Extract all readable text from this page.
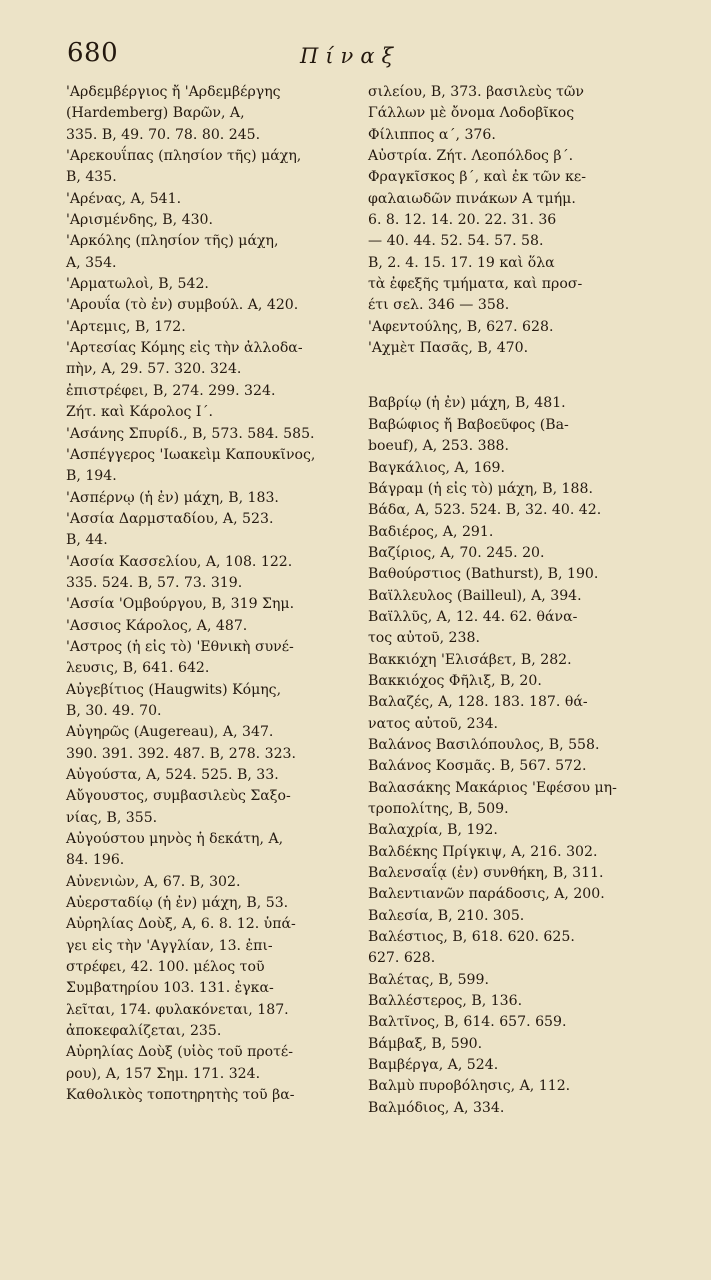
680	Πίναξ
'Αρδεμβέργιος ἤ 'Αρδεμβέργης
(Hardemberg) Βαρῶν, Α,
335. Β, 49. 70. 78. 80. 245.
'Αρεκουΐπας (πλησίον τῆς) μάχη,
Β, 435.
'Αρένας, Α, 541.
'Αρισμένδης, Β, 430.
'Αρκόλης (πλησίον τῆς) μάχη,
Α, 354.
'Αρματωλοὶ, Β, 542.
'Αρουΐα (τὸ ἐν) συμβούλ. Α, 420.
'Αρτεμις, Β, 172.
'Αρτεσίας Κόμης εἰς τὴν ἀλλοδα-
πὴν, Α, 29. 57. 320. 324.
ἐπιστρέφει, Β, 274. 299. 324.
Ζήτ. καὶ Κάρολος Ι΄.
'Ασάνης Σπυρίδ., Β, 573. 584. 585.
'Ασπέγγερος 'Ιωακεὶμ Καπουκῖνος,
Β, 194.
'Ασπέρνῳ (ἡ ἐν) μάχη, Β, 183.
'Ασσία Δαρμσταδίου, Α, 523.
Β, 44.
'Ασσία Κασσελίου, Α, 108. 122.
335. 524. Β, 57. 73. 319.
'Ασσία 'Ομβούργου, Β, 319 Σημ.
'Ασσιος Κάρολος, Α, 487.
'Αστρος (ἡ εἰς τὸ) 'Εθνικὴ συνέ-
λευσις, Β, 641. 642.
Αὐγεβίτιος (Haugwits) Κόμης,
Β, 30. 49. 70.
Αὐγηρῶς (Augereau), Α, 347.
390. 391. 392. 487. Β, 278. 323.
Αὐγούστα, Α, 524. 525. Β, 33.
Αὔγουστος, συμβασιλεὺς Σαξο-
νίας, Β, 355.
Αὐγούστου μηνὸς ἡ δεκάτη, Α,
84. 196.
Αὐνενιὼν, Α, 67. Β, 302.
Αὐερσταδίῳ (ἡ ἐν) μάχη, Β, 53.
Αὐρηλίας Δοὺξ, Α, 6. 8. 12. ὑπά-
γει εἰς τὴν 'Αγγλίαν, 13. ἐπι-
στρέφει, 42. 100. μέλος τοῦ
Συμβατηρίου 103. 131. ἐγκα-
λεῖται, 174. φυλακόνεται, 187.
ἀποκεφαλίζεται, 235.
Αὐρηλίας Δοὺξ (υἱὸς τοῦ προτέ-
ρου), Α, 157 Σημ. 171. 324.
Καθολικὸς τοποτηρητὴς τοῦ βα-
σιλείου, Β, 373. βασιλεὺς τῶν
Γάλλων μὲ ὄνομα Λοδοβῖκος
Φίλιππος α΄, 376.
Αὐστρία. Ζήτ. Λεοπόλδος β΄.
Φραγκῖσκος β΄, καὶ ἐκ τῶν κε-
φαλαιωδῶν πινάκων Α τμήμ.
6. 8. 12. 14. 20. 22. 31. 36
— 40. 44. 52. 54. 57. 58.
Β, 2. 4. 15. 17. 19 καὶ ὅλα
τὰ ἐφεξῆς τμήματα, καὶ προσ-
έτι σελ. 346 — 358.
'Αφεντούλης, Β, 627. 628.
'Αχμὲτ Πασᾶς, Β, 470.
Βαβρίῳ (ἡ ἐν) μάχη, Β, 481.
Βαβώφιος ἤ Βαβοεῦφος (Ba-
boeuf), Α, 253. 388.
Βαγκάλιος, Α, 169.
Βάγραμ (ἡ εἰς τὸ) μάχη, Β, 188.
Βάδα, Α, 523. 524. Β, 32. 40. 42.
Βαδιέρος, Α, 291.
Βαζίριος, Α, 70. 245. 20.
Βαθούρστιος (Bathurst), Β, 190.
Βαϊλλευλος (Bailleul), Α, 394.
Βαϊλλῦς, Α, 12. 44. 62. θάνα-
τος αὐτοῦ, 238.
Βακκιόχη 'Ελισάβετ, Β, 282.
Βακκιόχος Φῆλιξ, Β, 20.
Βαλαζές, Α, 128. 183. 187. θά-
νατος αὐτοῦ, 234.
Βαλάνος Βασιλόπουλος, Β, 558.
Βαλάνος Κοσμᾶς. Β, 567. 572.
Βαλασάκης Μακάριος 'Εφέσου μη-
τροπολίτης, Β, 509.
Βαλαχρία, Β, 192.
Βαλδέκης Πρίγκιψ, Α, 216. 302.
Βαλενσαΐᾳ (ἐν) συνθήκη, Β, 311.
Βαλεντιανῶν παράδοσις, Α, 200.
Βαλεσία, Β, 210. 305.
Βαλέστιος, Β, 618. 620. 625.
627. 628.
Βαλέτας, Β, 599.
Βαλλέστερος, Β, 136.
Βαλτῖνος, Β, 614. 657. 659.
Βάμβαξ, Β, 590.
Βαμβέργα, Α, 524.
Βαλμὺ πυροβόλησις, Α, 112.
Βαλμόδιος, Α, 334.
